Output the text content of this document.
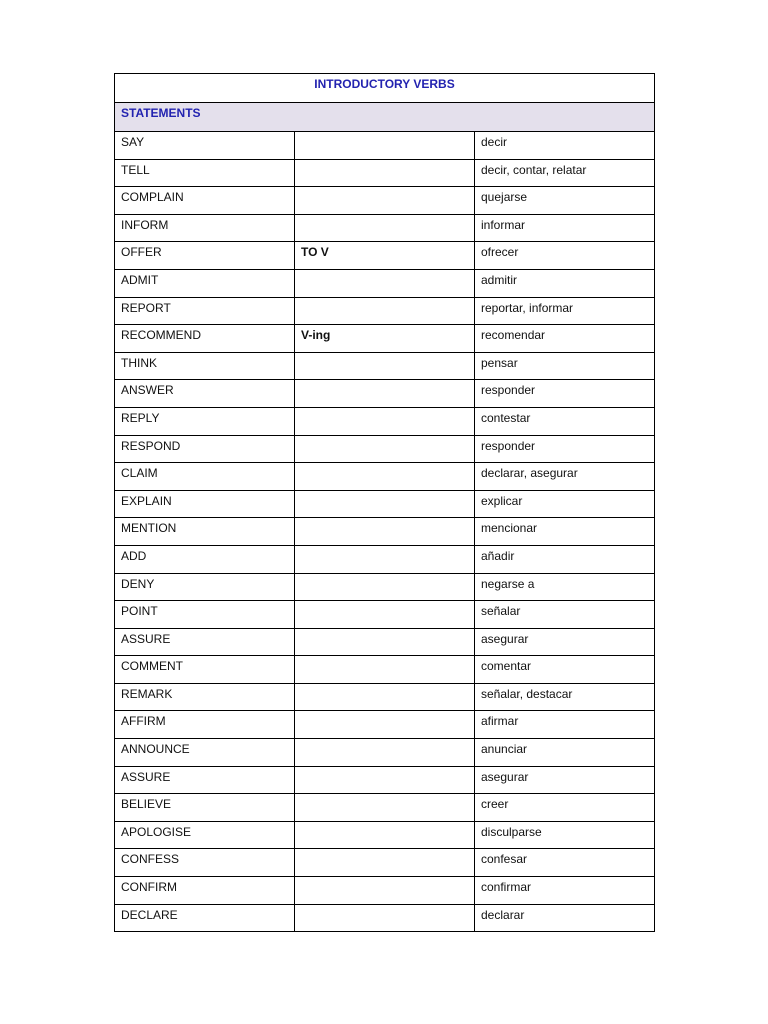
INTRODUCTORY VERBS		
STATEMENTS		
SAY		decir
TELL		decir, contar, relatar
COMPLAIN		quejarse
INFORM		informar
OFFER	TO V	ofrecer
ADMIT		admitir
REPORT		reportar, informar
RECOMMEND	V-ing	recomendar
THINK		pensar
ANSWER		responder
REPLY		contestar
RESPOND		responder
CLAIM		declarar, asegurar
EXPLAIN		explicar
MENTION		mencionar
ADD		añadir
DENY		negarse a
POINT		señalar
ASSURE		asegurar
COMMENT		comentar
REMARK		señalar, destacar
AFFIRM		afirmar
ANNOUNCE		anunciar
ASSURE		asegurar
BELIEVE		creer
APOLOGISE		disculparse
CONFESS		confesar
CONFIRM		confirmar
DECLARE		declarar
